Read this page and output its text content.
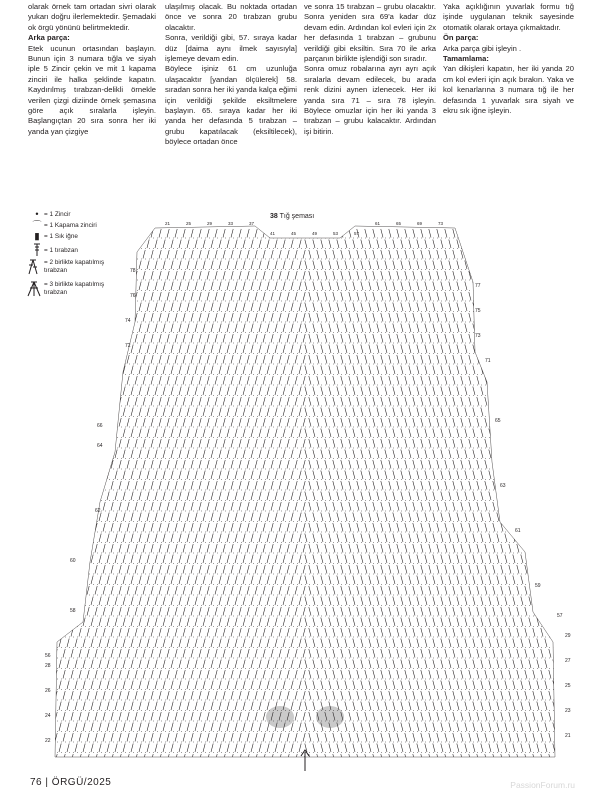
olarak örnek tam ortadan sivri olarak yukarı doğru ilerlemektedir. Şemadaki ok örgü yönünü belirtmektedir.

Arka parça:

Etek ucunun ortasından başlayın. Bunun için 3 numara tığla ve siyah iple 5 Zincir çekin ve mit 1 kapama zinciri ile halka şeklinde kapatın. Kaydırılmış tırabzan-delikli örnekle verilen çizgi diziinde örnek şemasına göre açık sıralarla işleyin. Başlangıçtan 20 sıra sonra her iki yanda yan çizgiye

ulaşılmış olacak. Bu noktada ortadan önce ve sonra 20 tırabzan grubu olacaktır.

Sonra, verildiği gibi, 57. sıraya kadar düz [daima aynı ilmek sayısıyla] işlemeye devam edin.

Böylece işiniz 61 cm uzunluğa ulaşacaktır [yandan ölçülerek] 58. sıradan sonra her iki yanda kalça eğimi için verildiği şekilde eksiltmelere başlayın. 65. sıraya kadar her iki yanda her defasında 5 tırabzan – grubu kapatılacak (eksiltilecek), böylece ortadan önce

ve sonra 15 tırabzan – grubu olacaktır. Sonra yeniden sıra 69'a kadar düz devam edin. Ardından kol evleri için 2x her defasında 1 tırabzan – grubunu verildiği gibi eksiltin. Sıra 70 ile arka parçanın birlikte işlendiği son sıradır.

Sonra omuz robalarına ayrı ayrı açık sıralarla devam edilecek, bu arada renk dizini aynen izlenecek. Her iki yanda sıra 71 – sıra 78 işleyin. Böylece omuzlar için her iki yanda 3 tırabzan – grubu kalacaktır. Ardından işi bitirin.

Yaka açıklığının yuvarlak formu tığ işinde uygulanan teknik sayesinde otomatik olarak ortaya çıkmaktadır.

Ön parça:

Arka parça gibi işleyin .

Tamamlama:

Yan dikişleri kapatın, her iki yanda 20 cm kol evleri için açık bırakın. Yaka ve kol kenarlarına 3 numara tığ ile her defasında 1 yuvarlak sıra siyah ve ekru sık iğne işleyin.

• = 1 Zincir
⌒ = 1 Kapama zinciri
▮ = 1 Sık iğne
= 1 tırabzan
= 2 birlikte kapatılmış tırabzan
= 3 birlikte kapatılmış tırabzan
38 Tığ şeması
78
76
74
72
66
64
62
60
58
56
28
26
24
22
77
75
73
71
65
63
61
59
57
29
27
25
23
21
21	25	29	33	37
41	45	49	53	57
61	65	69	73
76 | ÖRGÜ/2025	PassionForum.ru
